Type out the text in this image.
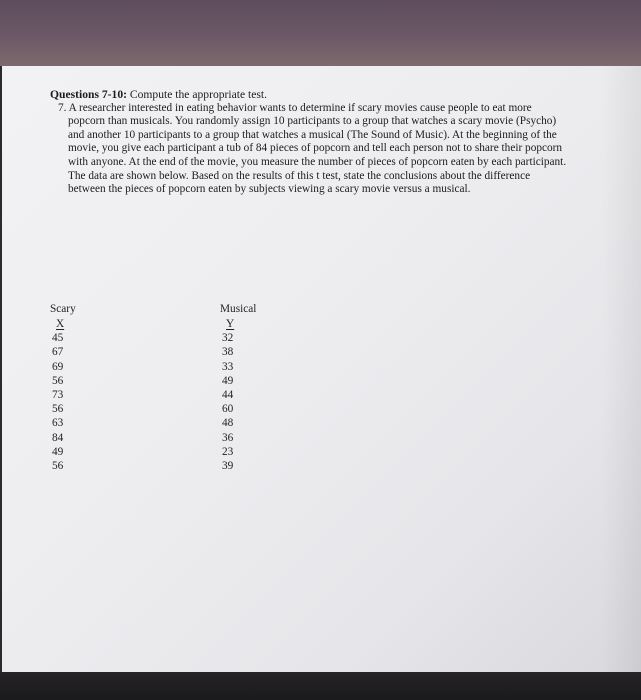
Questions 7-10: Compute the appropriate test.

7. A researcher interested in eating behavior wants to determine if scary movies cause people to eat more popcorn than musicals. You randomly assign 10 participants to a group that watches a scary movie (Psycho) and another 10 participants to a group that watches a musical (The Sound of Music). At the beginning of the movie, you give each participant a tub of 84 pieces of popcorn and tell each person not to share their popcorn with anyone. At the end of the movie, you measure the number of pieces of popcorn eaten by each participant. The data are shown below. Based on the results of this t test, state the conclusions about the difference between the pieces of popcorn eaten by subjects viewing a scary movie versus a musical.

Scary
X
45
67
69
56
73
56
63
84
49
56
Musical
Y
32
38
33
49
44
60
48
36
23
39
